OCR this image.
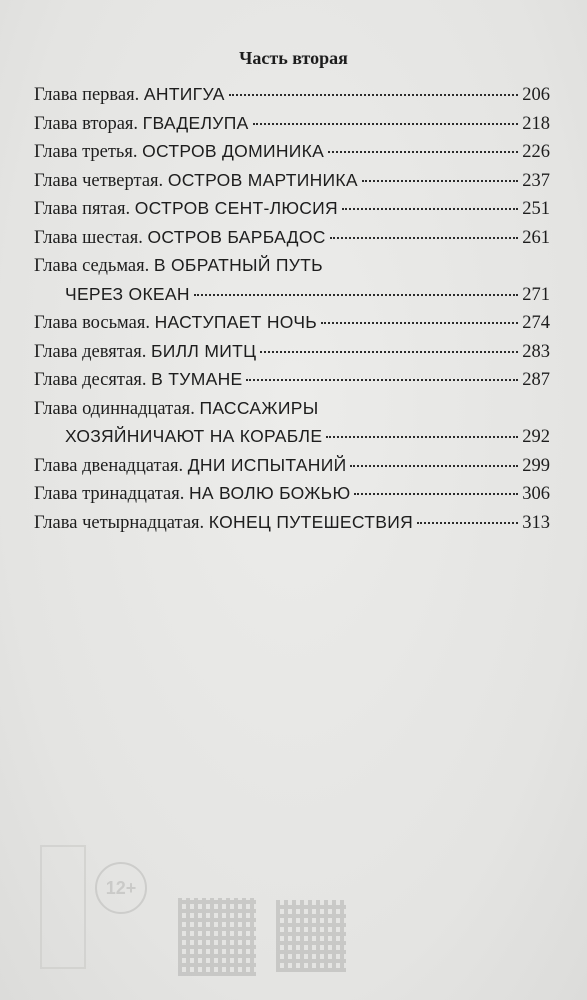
12+
Часть вторая
Глава первая. АНТИГУА	206
Глава вторая. ГВАДЕЛУПА	218
Глава третья. ОСТРОВ ДОМИНИКА	226
Глава четвертая. ОСТРОВ МАРТИНИКА	237
Глава пятая. ОСТРОВ СЕНТ-ЛЮСИЯ	251
Глава шестая. ОСТРОВ БАРБАДОС	261
Глава седьмая. В ОБРАТНЫЙ ПУТЬ
ЧЕРЕЗ ОКЕАН	271
Глава восьмая. НАСТУПАЕТ НОЧЬ	274
Глава девятая. БИЛЛ МИТЦ	283
Глава десятая. В ТУМАНЕ	287
Глава одиннадцатая. ПАССАЖИРЫ
ХОЗЯЙНИЧАЮТ НА КОРАБЛЕ	292
Глава двенадцатая. ДНИ ИСПЫТАНИЙ	299
Глава тринадцатая. НА ВОЛЮ БОЖЬЮ	306
Глава четырнадцатая. КОНЕЦ ПУТЕШЕСТВИЯ	313
